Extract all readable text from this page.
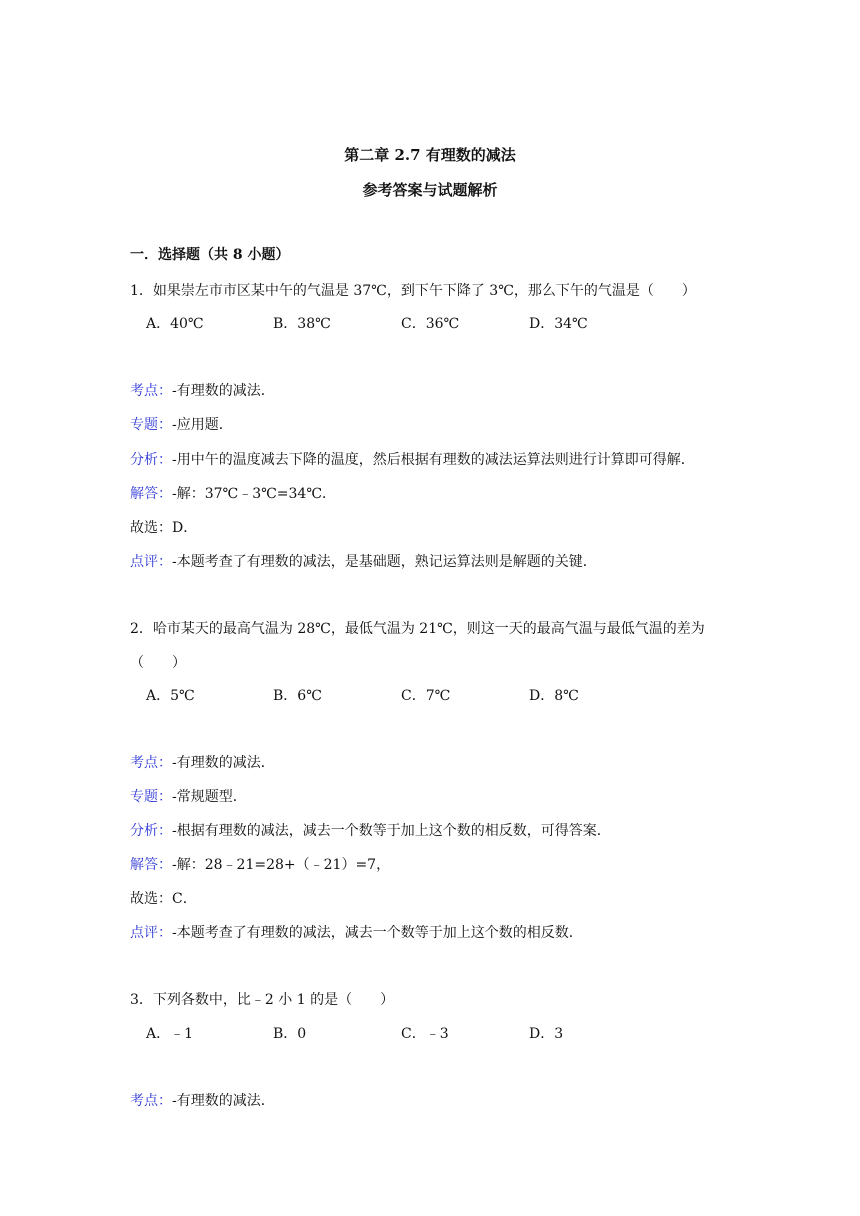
第二章 2.7 有理数的减法
参考答案与试题解析
一．选择题（共 8 小题）
1．如果崇左市市区某中午的气温是 37℃，到下午下降了 3℃，那么下午的气温是（　　）
A．40℃	B．38℃	C．36℃	D．34℃
考点：-有理数的减法．
专题：-应用题．
分析：-用中午的温度减去下降的温度，然后根据有理数的减法运算法则进行计算即可得解．
解答：-解：37℃﹣3℃=34℃．
故选：D．
点评：-本题考查了有理数的减法，是基础题，熟记运算法则是解题的关键．
2．哈市某天的最高气温为 28℃，最低气温为 21℃，则这一天的最高气温与最低气温的差为
（　　）
A．5℃	B．6℃	C．7℃	D．8℃
考点：-有理数的减法．
专题：-常规题型．
分析：-根据有理数的减法，减去一个数等于加上这个数的相反数，可得答案．
解答：-解：28﹣21=28+（﹣21）=7，
故选：C．
点评：-本题考查了有理数的减法，减去一个数等于加上这个数的相反数．
3．下列各数中，比﹣2 小 1 的是（　　）
A．﹣1	B．0	C．﹣3	D．3
考点：-有理数的减法．
